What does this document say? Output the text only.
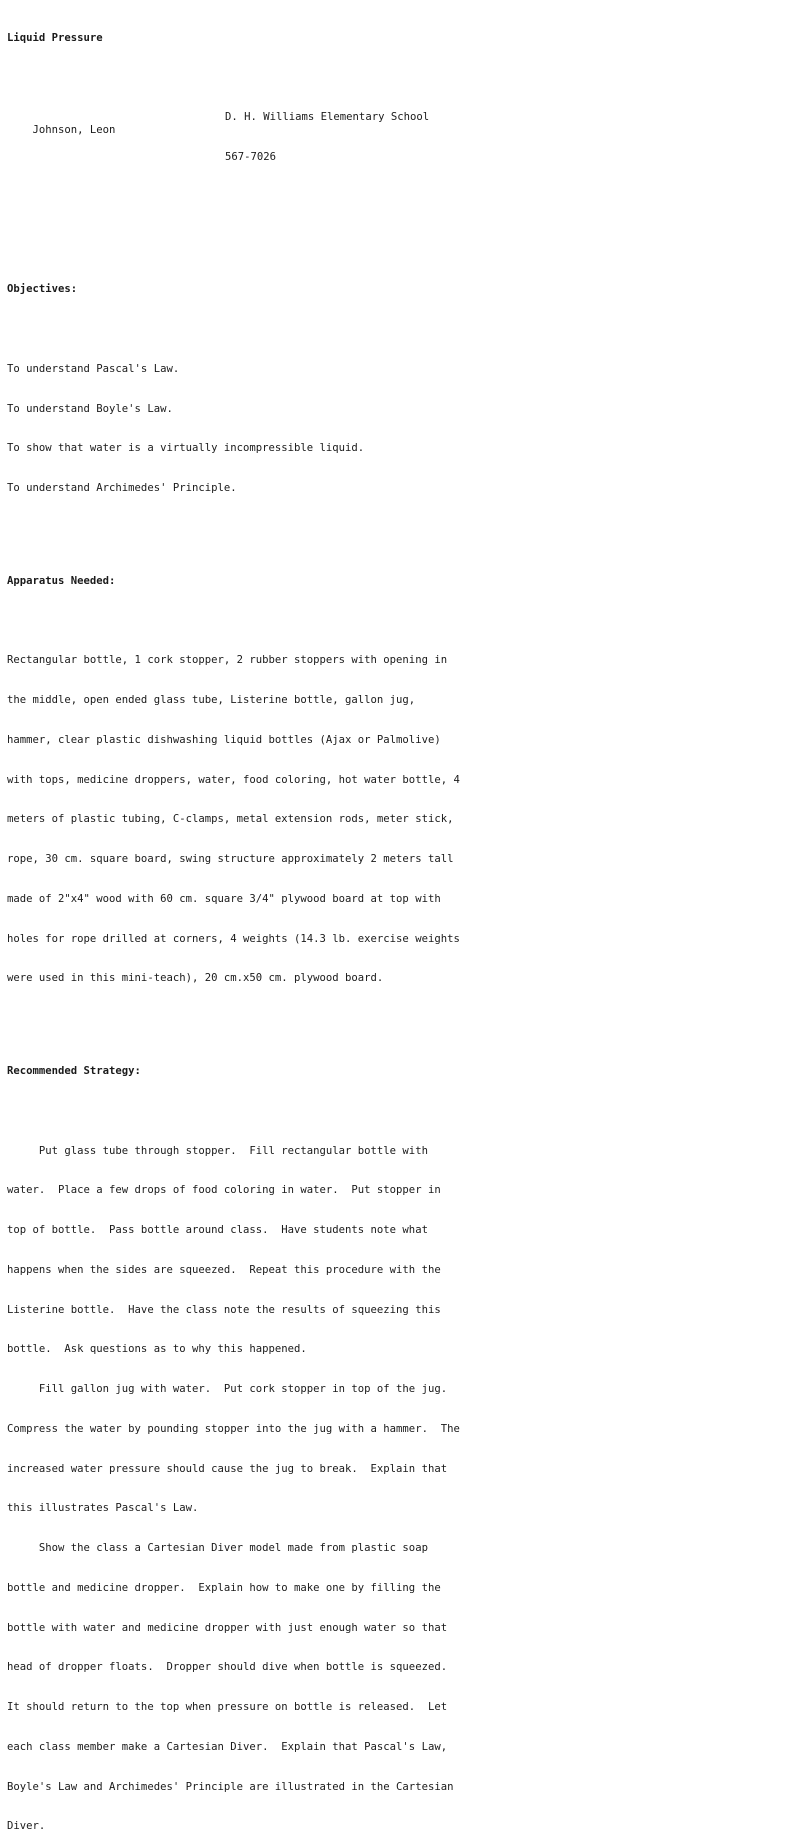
Liquid Pressure

Johnson, Leon

D. H. Williams Elementary School

567-7026

Objectives:

To understand Pascal's Law.

To understand Boyle's Law.

To show that water is a virtually incompressible liquid.

To understand Archimedes' Principle.

Apparatus Needed:

Rectangular bottle, 1 cork stopper, 2 rubber stoppers with opening in

the middle, open ended glass tube, Listerine bottle, gallon jug,

hammer, clear plastic dishwashing liquid bottles (Ajax or Palmolive)

with tops, medicine droppers, water, food coloring, hot water bottle, 4

meters of plastic tubing, C-clamps, metal extension rods, meter stick,

rope, 30 cm. square board, swing structure approximately 2 meters tall

made of 2"x4" wood with 60 cm. square 3/4" plywood board at top with

holes for rope drilled at corners, 4 weights (14.3 lb. exercise weights

were used in this mini-teach), 20 cm.x50 cm. plywood board.

Recommended Strategy:

Put glass tube through stopper.  Fill rectangular bottle with

water.  Place a few drops of food coloring in water.  Put stopper in

top of bottle.  Pass bottle around class.  Have students note what

happens when the sides are squeezed.  Repeat this procedure with the

Listerine bottle.  Have the class note the results of squeezing this

bottle.  Ask questions as to why this happened.

Fill gallon jug with water.  Put cork stopper in top of the jug.

Compress the water by pounding stopper into the jug with a hammer.  The

increased water pressure should cause the jug to break.  Explain that

this illustrates Pascal's Law.

Show the class a Cartesian Diver model made from plastic soap

bottle and medicine dropper.  Explain how to make one by filling the

bottle with water and medicine dropper with just enough water so that

head of dropper floats.  Dropper should dive when bottle is squeezed.

It should return to the top when pressure on bottle is released.  Let

each class member make a Cartesian Diver.  Explain that Pascal's Law,

Boyle's Law and Archimedes' Principle are illustrated in the Cartesian

Diver.
